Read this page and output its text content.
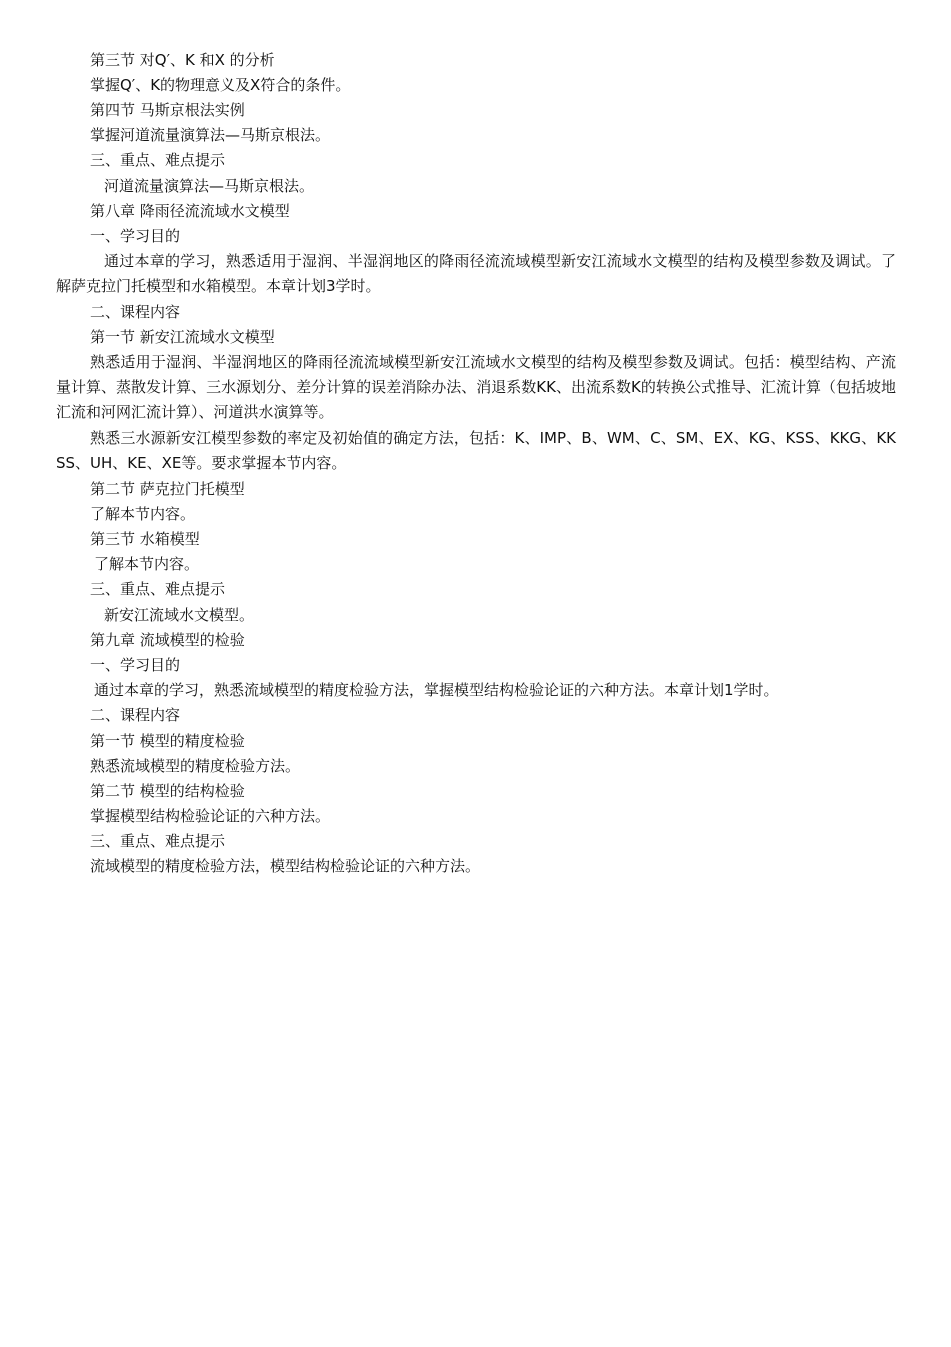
第三节 对Q′、K 和X 的分析

掌握Q′、K的物理意义及X符合的条件。

第四节 马斯京根法实例

掌握河道流量演算法—马斯京根法。

三、重点、难点提示

河道流量演算法—马斯京根法。

第八章 降雨径流流域水文模型

一、学习目的

通过本章的学习，熟悉适用于湿润、半湿润地区的降雨径流流域模型新安江流域水文模型的结构及模型参数及调试。了解萨克拉门托模型和水箱模型。本章计划3学时。

二、课程内容

第一节 新安江流域水文模型

熟悉适用于湿润、半湿润地区的降雨径流流域模型新安江流域水文模型的结构及模型参数及调试。包括：模型结构、产流量计算、蒸散发计算、三水源划分、差分计算的误差消除办法、消退系数KK、出流系数K的转换公式推导、汇流计算（包括坡地汇流和河网汇流计算）、河道洪水演算等。

熟悉三水源新安江模型参数的率定及初始值的确定方法，包括：K、IMP、B、WM、C、SM、EX、KG、KSS、KKG、KKSS、UH、KE、XE等。要求掌握本节内容。

第二节 萨克拉门托模型

了解本节内容。

第三节 水箱模型

了解本节内容。

三、重点、难点提示

新安江流域水文模型。

第九章 流域模型的检验

一、学习目的

通过本章的学习，熟悉流域模型的精度检验方法，掌握模型结构检验论证的六种方法。本章计划1学时。

二、课程内容

第一节 模型的精度检验

熟悉流域模型的精度检验方法。

第二节 模型的结构检验

掌握模型结构检验论证的六种方法。

三、重点、难点提示

流域模型的精度检验方法，模型结构检验论证的六种方法。
